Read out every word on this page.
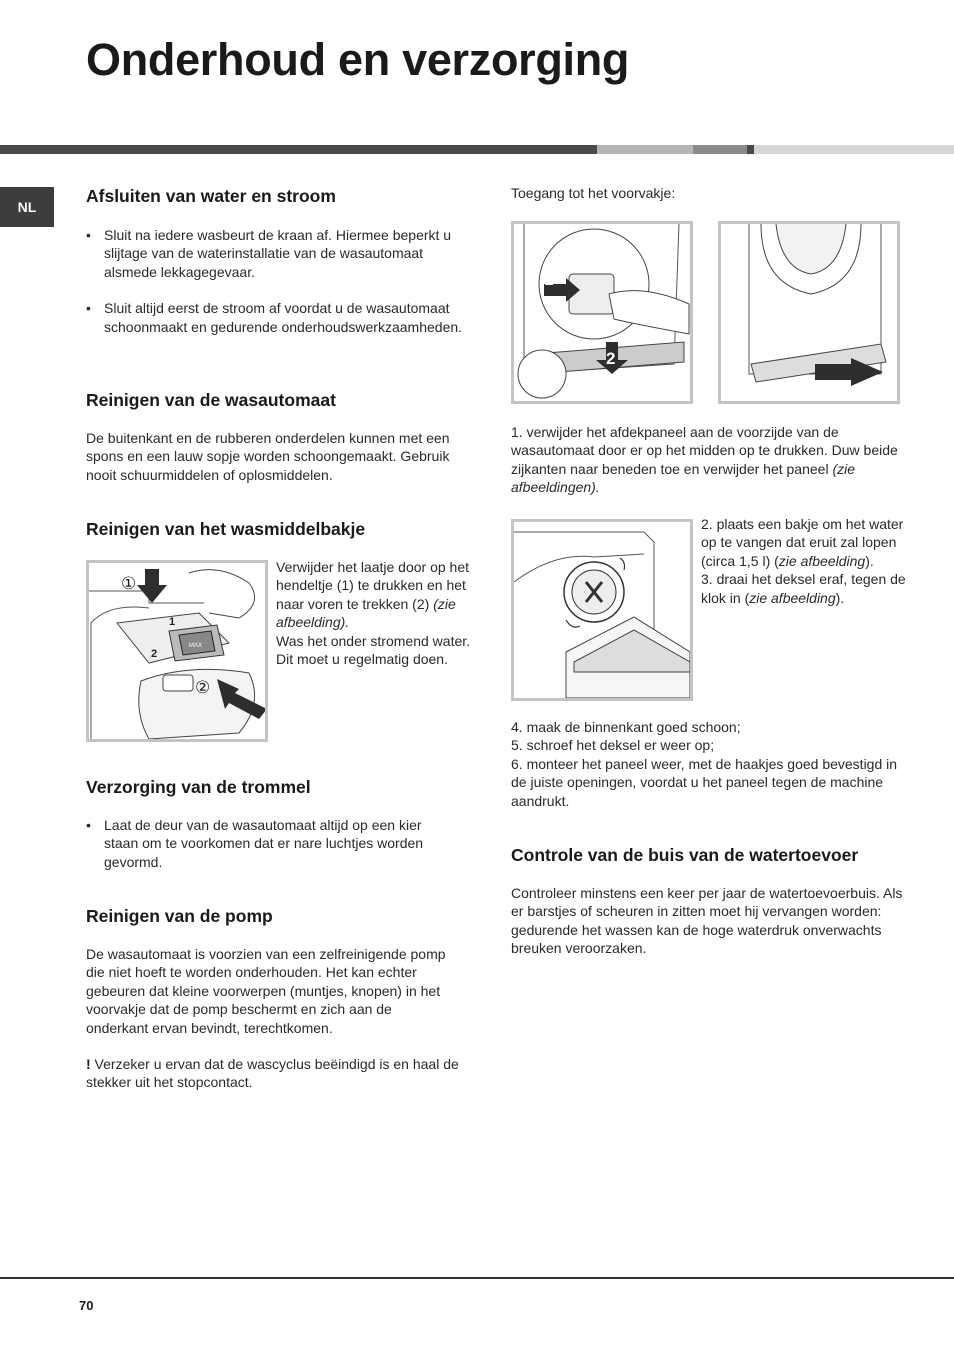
Onderhoud en verzorging
NL
Afsluiten van water en stroom
• Sluit na iedere wasbeurt de kraan af. Hiermee beperkt u slijtage van de waterinstallatie van de wasautomaat alsmede lekkagegevaar.
• Sluit altijd eerst de stroom af voordat u de wasautomaat schoonmaakt en gedurende onderhoudswerkzaamheden.
Reinigen van de wasautomaat

De buitenkant en de rubberen onderdelen kunnen met een spons en een lauw sopje worden schoongemaakt. Gebruik nooit schuurmiddelen of oplosmiddelen.

Reinigen van het wasmiddelbakje
MAX
1
2
①
②
Verwijder het laatje door op het hendeltje (1) te drukken en het naar voren te trekken (2) (zie afbeelding).
Was het onder stromend water. Dit moet u regelmatig doen.
Verzorging van de trommel
• Laat de deur van de wasautomaat altijd op een kier staan om te voorkomen dat er nare luchtjes worden gevormd.
Reinigen van de pomp

De wasautomaat is voorzien van een zelfreinigende pomp die niet hoeft te worden onderhouden. Het kan echter gebeuren dat kleine voorwerpen (muntjes, knopen) in het voorvakje dat de pomp beschermt en zich aan de onderkant ervan bevindt, terechtkomen.

! Verzeker u ervan dat de wascyclus beëindigd is en haal de stekker uit het stopcontact.

Toegang tot het voorvakje:

1
2
1. verwijder het afdekpaneel aan de voorzijde van de wasautomaat door er op het midden op te drukken. Duw beide zijkanten naar beneden toe en verwijder het paneel (zie afbeeldingen).
2. plaats een bakje om het water op te vangen dat eruit zal lopen (circa 1,5 l) (zie afbeelding).
3. draai het deksel eraf, tegen de klok in (zie afbeelding).
4. maak de binnenkant goed schoon;
5. schroef het deksel er weer op;
6. monteer het paneel weer, met de haakjes goed bevestigd in de juiste openingen, voordat u het paneel tegen de machine aandrukt.
Controle van de buis van de watertoevoer

Controleer minstens een keer per jaar de watertoevoerbuis. Als er barstjes of scheuren in zitten moet hij vervangen worden: gedurende het wassen kan de hoge waterdruk onverwachts breuken veroorzaken.

70
